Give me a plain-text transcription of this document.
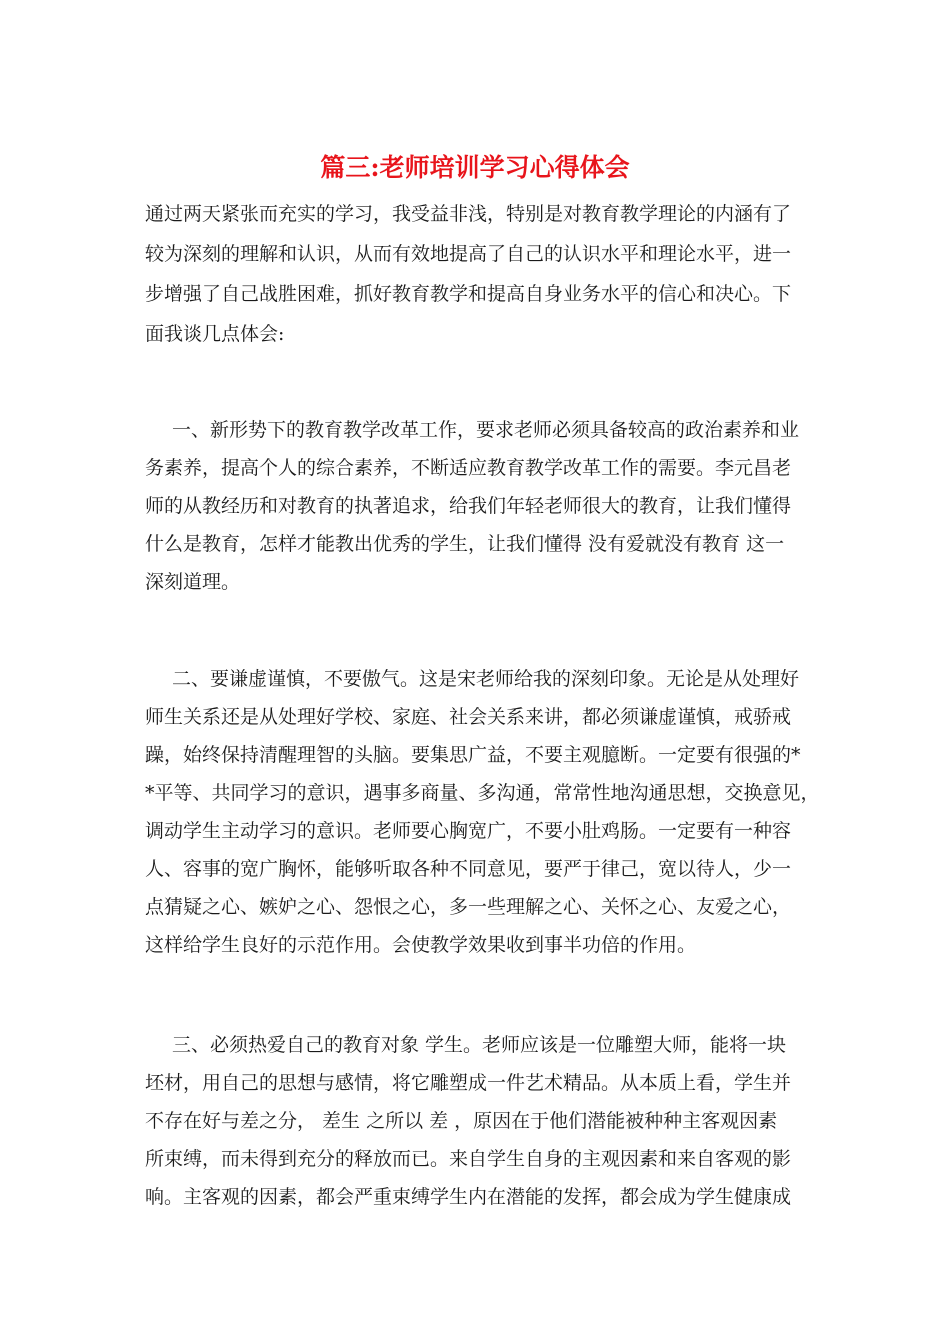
篇三:老师培训学习心得体会
通过两天紧张而充实的学习，我受益非浅，特别是对教育教学理论的内涵有了
较为深刻的理解和认识，从而有效地提高了自己的认识水平和理论水平，进一
步增强了自己战胜困难，抓好教育教学和提高自身业务水平的信心和决心。下
面我谈几点体会:
一、新形势下的教育教学改革工作，要求老师必须具备较高的政治素养和业
务素养，提高个人的综合素养，不断适应教育教学改革工作的需要。李元昌老
师的从教经历和对教育的执著追求，给我们年轻老师很大的教育，让我们懂得
什么是教育，怎样才能教出优秀的学生，让我们懂得 没有爱就没有教育 这一
深刻道理。
二、要谦虚谨慎，不要傲气。这是宋老师给我的深刻印象。无论是从处理好
师生关系还是从处理好学校、家庭、社会关系来讲，都必须谦虚谨慎，戒骄戒
躁，始终保持清醒理智的头脑。要集思广益，不要主观臆断。一定要有很强的*
*平等、共同学习的意识，遇事多商量、多沟通，常常性地沟通思想，交换意见，
调动学生主动学习的意识。老师要心胸宽广，不要小肚鸡肠。一定要有一种容
人、容事的宽广胸怀，能够听取各种不同意见，要严于律己，宽以待人，少一
点猜疑之心、嫉妒之心、怨恨之心，多一些理解之心、关怀之心、友爱之心，
这样给学生良好的示范作用。会使教学效果收到事半功倍的作用。
三、必须热爱自己的教育对象 学生。老师应该是一位雕塑大师，能将一块
坯材，用自己的思想与感情，将它雕塑成一件艺术精品。从本质上看，学生并
不存在好与差之分， 差生 之所以 差 ，原因在于他们潜能被种种主客观因素
所束缚，而未得到充分的释放而已。来自学生自身的主观因素和来自客观的影
响。主客观的因素，都会严重束缚学生内在潜能的发挥，都会成为学生健康成
